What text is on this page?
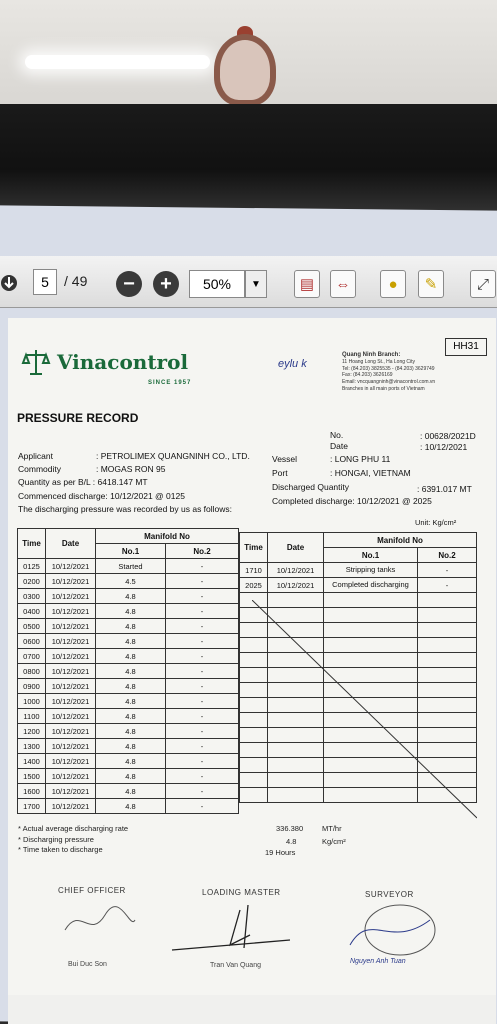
5	/ 49	−	+	50%	▼	▤	⇔	●	✎	⤢
HH31
Vinacontrol
SINCE 1957
eylu k
Quang Ninh Branch:
11 Hoang Long St., Ha Long City
Tel: (84.203) 3825535 - (84.203) 3629749
Fax: (84.203) 3626169
Email: vncquangninh@vinacontrol.com.vn
Branches in all main ports of Vietnam
PRESSURE RECORD
No.	: 00628/2021D
Date	: 10/12/2021
Applicant	: PETROLIMEX QUANGNINH CO., LTD.
Commodity	: MOGAS RON 95
Quantity as per B/L : 6418.147 MT
Commenced discharge: 10/12/2021 @ 0125
The discharging pressure was recorded by us as follows:
Vessel	: LONG PHU 11
Port	: HONGAI, VIETNAM
Discharged Quantity	: 6391.017 MT
Completed discharge: 10/12/2021 @ 2025
Unit: Kg/cm²
Time	Date	Manifold No	
		No.1	No.2
0125	10/12/2021	Started	-
0200	10/12/2021	4.5	-
0300	10/12/2021	4.8	-
0400	10/12/2021	4.8	-
0500	10/12/2021	4.8	-
0600	10/12/2021	4.8	-
0700	10/12/2021	4.8	-
0800	10/12/2021	4.8	-
0900	10/12/2021	4.8	-
1000	10/12/2021	4.8	-
1100	10/12/2021	4.8	-
1200	10/12/2021	4.8	-
1300	10/12/2021	4.8	-
1400	10/12/2021	4.8	-
1500	10/12/2021	4.8	-
1600	10/12/2021	4.8	-
1700	10/12/2021	4.8	-
Time	Date	Manifold No	
		No.1	No.2
1710	10/12/2021	Stripping tanks	-
2025	10/12/2021	Completed discharging	-

* Actual average discharging rate	336.380	MT/hr
* Discharging pressure	4.8	Kg/cm²
* Time taken to discharge	19 Hours
CHIEF OFFICER	LOADING MASTER	SURVEYOR
Bui Duc Son	Tran Van Quang
Nguyen Anh Tuan
